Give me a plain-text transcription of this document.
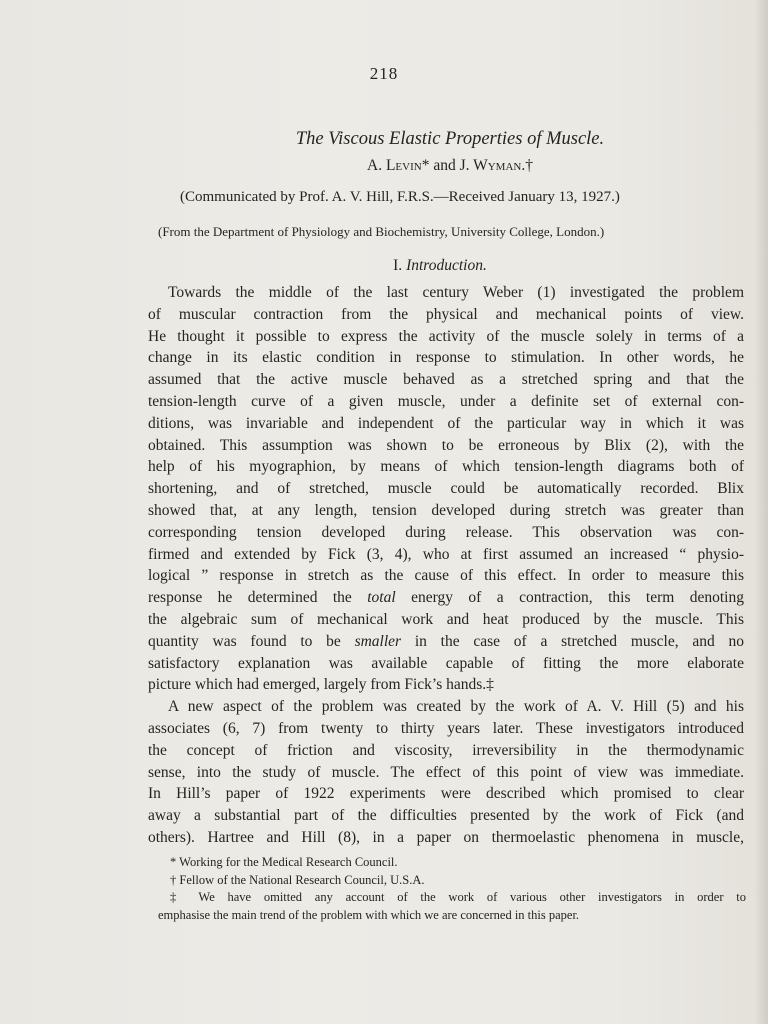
218
The Viscous Elastic Properties of Muscle.
A. Levin* and J. Wyman.†
(Communicated by Prof. A. V. Hill, F.R.S.—Received January 13, 1927.)
(From the Department of Physiology and Biochemistry, University College, London.)
I. Introduction.
Towards the middle of the last century Weber (1) investigated the problem
of muscular contraction from the physical and mechanical points of view.
He thought it possible to express the activity of the muscle solely in terms of a
change in its elastic condition in response to stimulation. In other words, he
assumed that the active muscle behaved as a stretched spring and that the
tension-length curve of a given muscle, under a definite set of external con-
ditions, was invariable and independent of the particular way in which it was
obtained. This assumption was shown to be erroneous by Blix (2), with the
help of his myographion, by means of which tension-length diagrams both of
shortening, and of stretched, muscle could be automatically recorded. Blix
showed that, at any length, tension developed during stretch was greater than
corresponding tension developed during release. This observation was con-
firmed and extended by Fick (3, 4), who at first assumed an increased “ physio-
logical ” response in stretch as the cause of this effect. In order to measure this
response he determined the total energy of a contraction, this term denoting
the algebraic sum of mechanical work and heat produced by the muscle. This
quantity was found to be smaller in the case of a stretched muscle, and no
satisfactory explanation was available capable of fitting the more elaborate
picture which had emerged, largely from Fick’s hands.‡
A new aspect of the problem was created by the work of A. V. Hill (5) and his
associates (6, 7) from twenty to thirty years later. These investigators introduced
the concept of friction and viscosity, irreversibility in the thermodynamic
sense, into the study of muscle. The effect of this point of view was immediate.
In Hill’s paper of 1922 experiments were described which promised to clear
away a substantial part of the difficulties presented by the work of Fick (and
others). Hartree and Hill (8), in a paper on thermoelastic phenomena in muscle,
* Working for the Medical Research Council.
† Fellow of the National Research Council, U.S.A.
‡ We have omitted any account of the work of various other investigators in order to
emphasise the main trend of the problem with which we are concerned in this paper.
